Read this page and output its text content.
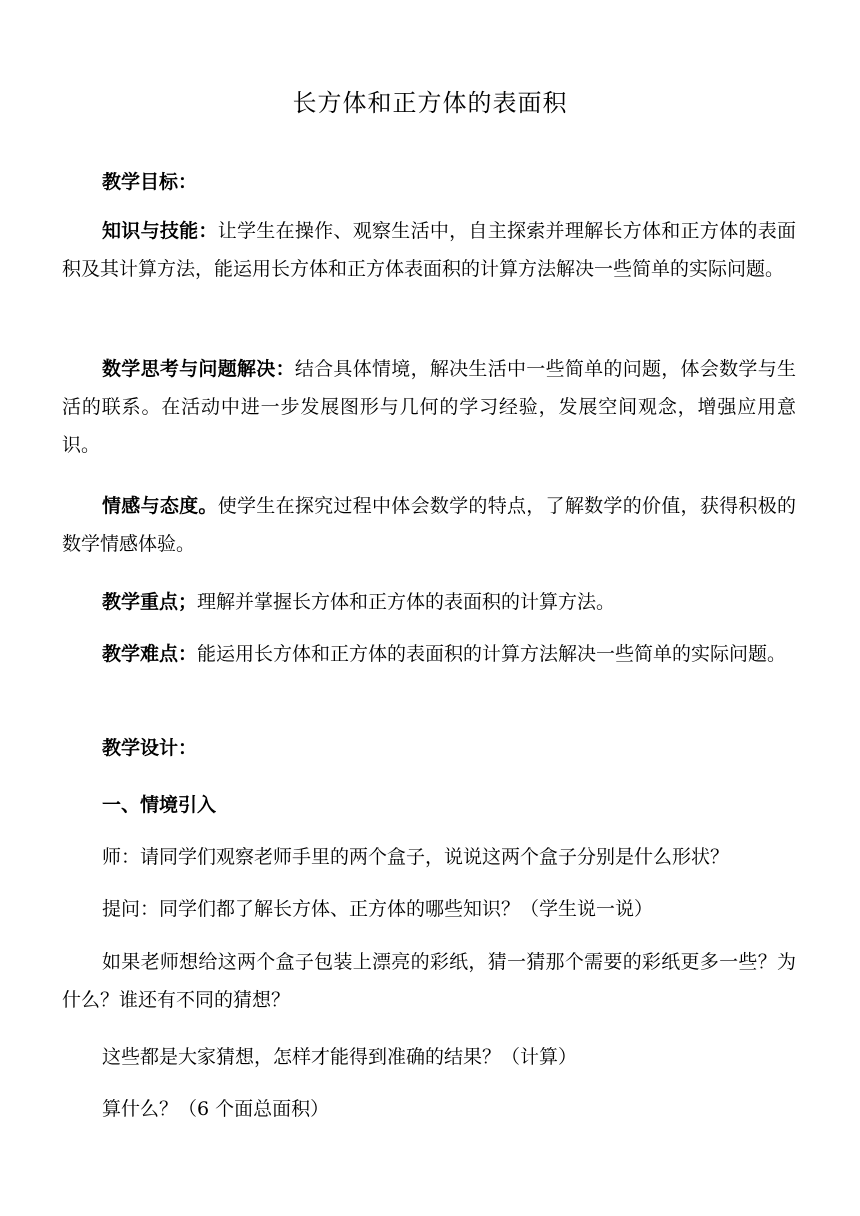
长方体和正方体的表面积

教学目标：

知识与技能：让学生在操作、观察生活中，自主探索并理解长方体和正方体的表面积及其计算方法，能运用长方体和正方体表面积的计算方法解决一些简单的实际问题。

数学思考与问题解决：结合具体情境，解决生活中一些简单的问题，体会数学与生活的联系。在活动中进一步发展图形与几何的学习经验，发展空间观念，增强应用意识。

情感与态度。使学生在探究过程中体会数学的特点，了解数学的价值，获得积极的数学情感体验。

教学重点；理解并掌握长方体和正方体的表面积的计算方法。

教学难点：能运用长方体和正方体的表面积的计算方法解决一些简单的实际问题。

教学设计：

一、情境引入

师：请同学们观察老师手里的两个盒子，说说这两个盒子分别是什么形状？

提问：同学们都了解长方体、正方体的哪些知识？（学生说一说）

如果老师想给这两个盒子包装上漂亮的彩纸，猜一猜那个需要的彩纸更多一些？为什么？谁还有不同的猜想？

这些都是大家猜想，怎样才能得到准确的结果？（计算）

算什么？（6 个面总面积）
